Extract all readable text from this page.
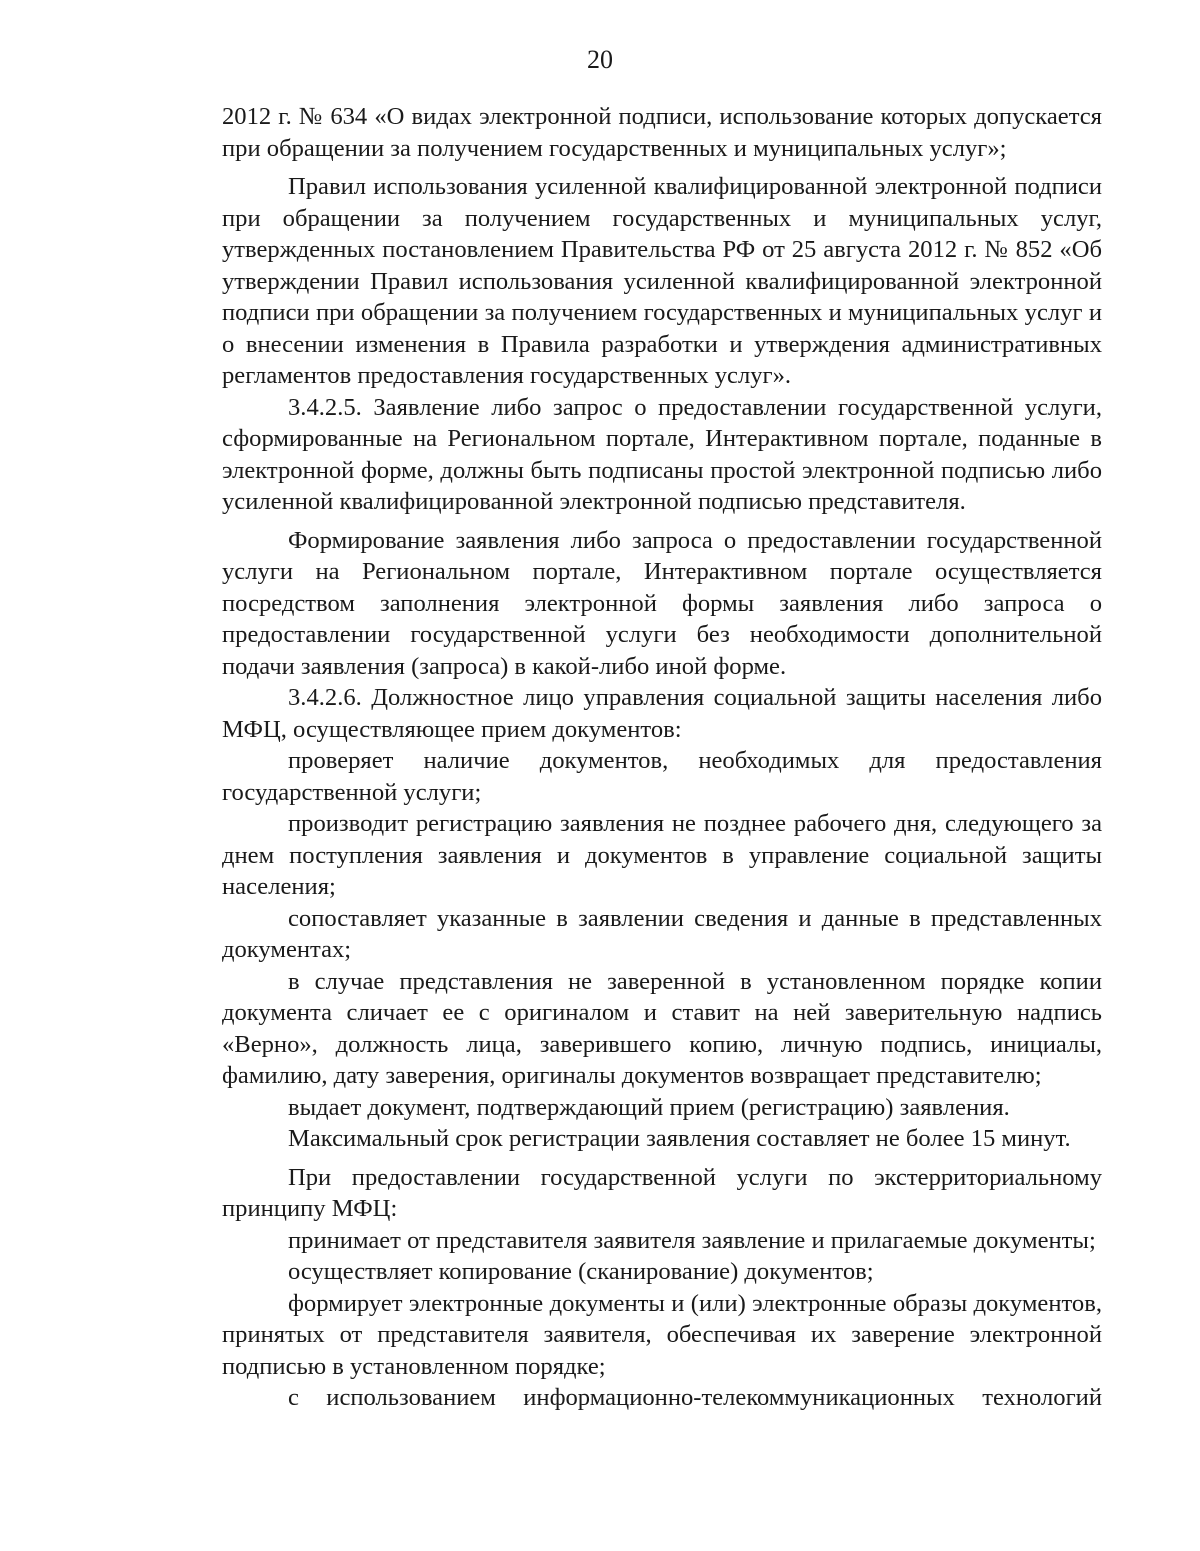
20

2012 г. № 634 «О видах электронной подписи, использование которых допускается при обращении за получением государственных и муниципальных услуг»;

Правил использования усиленной квалифицированной электронной подписи при обращении за получением государственных и муниципальных услуг, утвержденных постановлением Правительства РФ от 25 августа 2012 г. № 852 «Об утверждении Правил использования усиленной квалифицированной электронной подписи при обращении за получением государственных и муниципальных услуг и о внесении изменения в Правила разработки и утверждения административных регламентов предоставления государственных услуг».

3.4.2.5. Заявление либо запрос о предоставлении государственной услуги, сформированные на Региональном портале, Интерактивном портале, поданные в электронной форме, должны быть подписаны простой электронной подписью либо усиленной квалифицированной электронной подписью представителя.

Формирование заявления либо запроса о предоставлении государственной услуги на Региональном портале, Интерактивном портале осуществляется посредством заполнения электронной формы заявления либо запроса о предоставлении государственной услуги без необходимости дополнительной подачи заявления (запроса) в какой-либо иной форме.

3.4.2.6. Должностное лицо управления социальной защиты населения либо МФЦ, осуществляющее прием документов:

проверяет наличие документов, необходимых для предоставления государственной услуги;

производит регистрацию заявления не позднее рабочего дня, следующего за днем поступления заявления и документов в управление социальной защиты населения;

сопоставляет указанные в заявлении сведения и данные в представленных документах;

в случае представления не заверенной в установленном порядке копии документа сличает ее с оригиналом и ставит на ней заверительную надпись «Верно», должность лица, заверившего копию, личную подпись, инициалы, фамилию, дату заверения, оригиналы документов возвращает представителю;

выдает документ, подтверждающий прием (регистрацию) заявления.

Максимальный срок регистрации заявления составляет не более 15 минут.

При предоставлении государственной услуги по экстерриториальному принципу МФЦ:

принимает от представителя заявителя заявление и прилагаемые документы;

осуществляет копирование (сканирование) документов;

формирует электронные документы и (или) электронные образы документов, принятых от представителя заявителя, обеспечивая их заверение электронной подписью в установленном порядке;

с использованием информационно-телекоммуникационных технологий
